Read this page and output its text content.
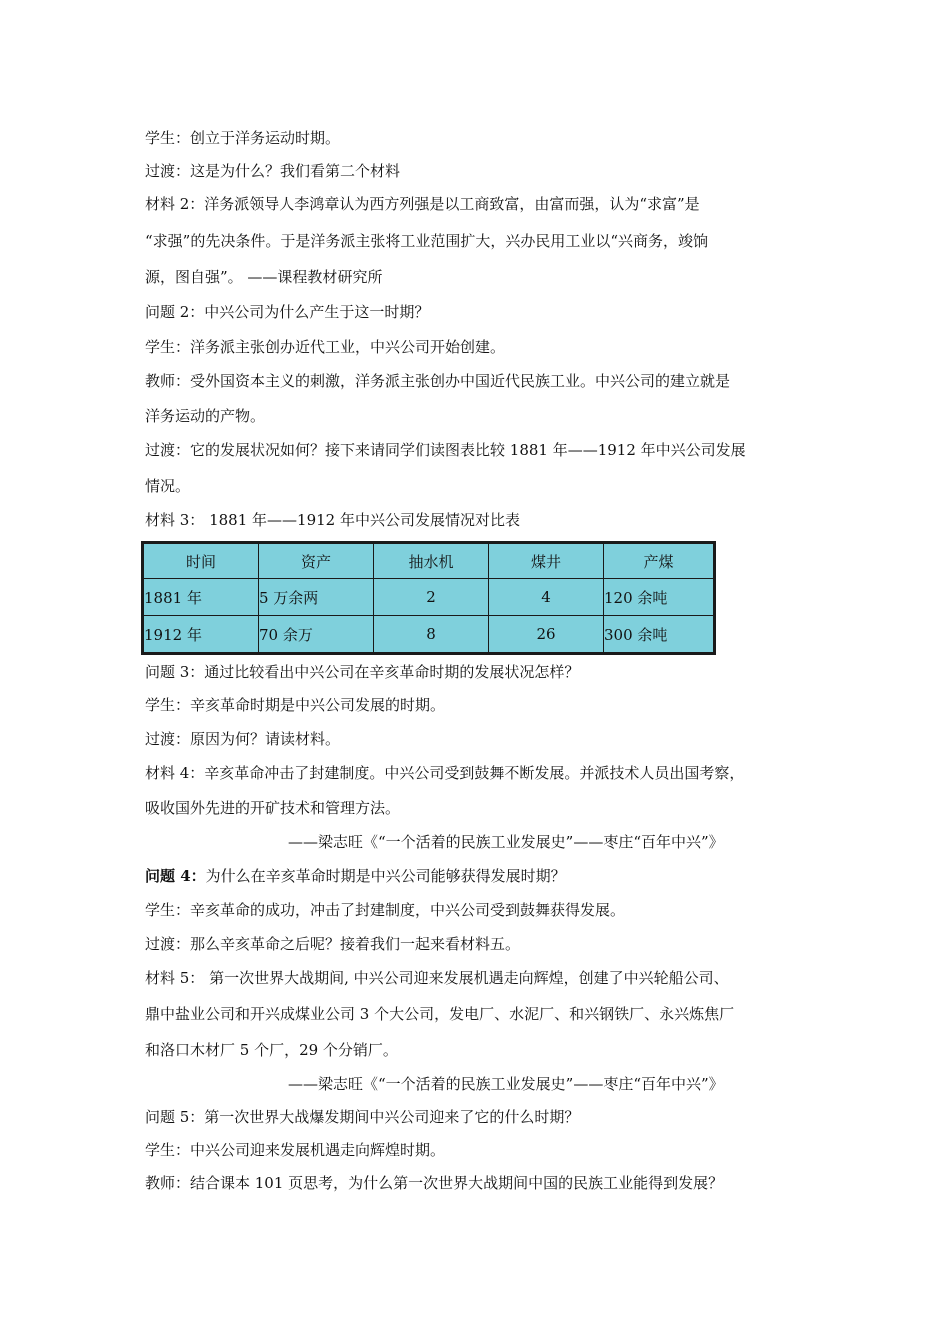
学生：创立于洋务运动时期。
过渡：这是为什么？我们看第二个材料
材料 2：洋务派领导人李鸿章认为西方列强是以工商致富，由富而强，认为“求富”是
“求强”的先决条件。于是洋务派主张将工业范围扩大，兴办民用工业以“兴商务，竣饷
源，图自强”。 ——课程教材研究所
问题 2：中兴公司为什么产生于这一时期？
学生：洋务派主张创办近代工业，中兴公司开始创建。
教师：受外国资本主义的刺激，洋务派主张创办中国近代民族工业。中兴公司的建立就是
洋务运动的产物。
过渡：它的发展状况如何？接下来请同学们读图表比较 1881 年——1912 年中兴公司发展
情况。
材料 3： 1881 年——1912 年中兴公司发展情况对比表
时间	资产	抽水机	煤井	产煤
1881 年	5 万余两	2	4	120 余吨
1912 年	70 余万	8	26	300 余吨
问题 3：通过比较看出中兴公司在辛亥革命时期的发展状况怎样？
学生：辛亥革命时期是中兴公司发展的时期。
过渡：原因为何？请读材料。
材料 4：辛亥革命冲击了封建制度。中兴公司受到鼓舞不断发展。并派技术人员出国考察，
吸收国外先进的开矿技术和管理方法。
——梁志旺《“一个活着的民族工业发展史”——枣庄“百年中兴”》
问题 4：为什么在辛亥革命时期是中兴公司能够获得发展时期？
学生：辛亥革命的成功，冲击了封建制度，中兴公司受到鼓舞获得发展。
过渡：那么辛亥革命之后呢？接着我们一起来看材料五。
材料 5： 第一次世界大战期间, 中兴公司迎来发展机遇走向辉煌，创建了中兴轮船公司、
鼎中盐业公司和开兴成煤业公司 3 个大公司，发电厂、水泥厂、和兴钢铁厂、永兴炼焦厂
和洛口木材厂 5 个厂，29 个分销厂。
——梁志旺《“一个活着的民族工业发展史”——枣庄“百年中兴”》
问题 5：第一次世界大战爆发期间中兴公司迎来了它的什么时期？
学生：中兴公司迎来发展机遇走向辉煌时期。
教师：结合课本 101 页思考，为什么第一次世界大战期间中国的民族工业能得到发展？
